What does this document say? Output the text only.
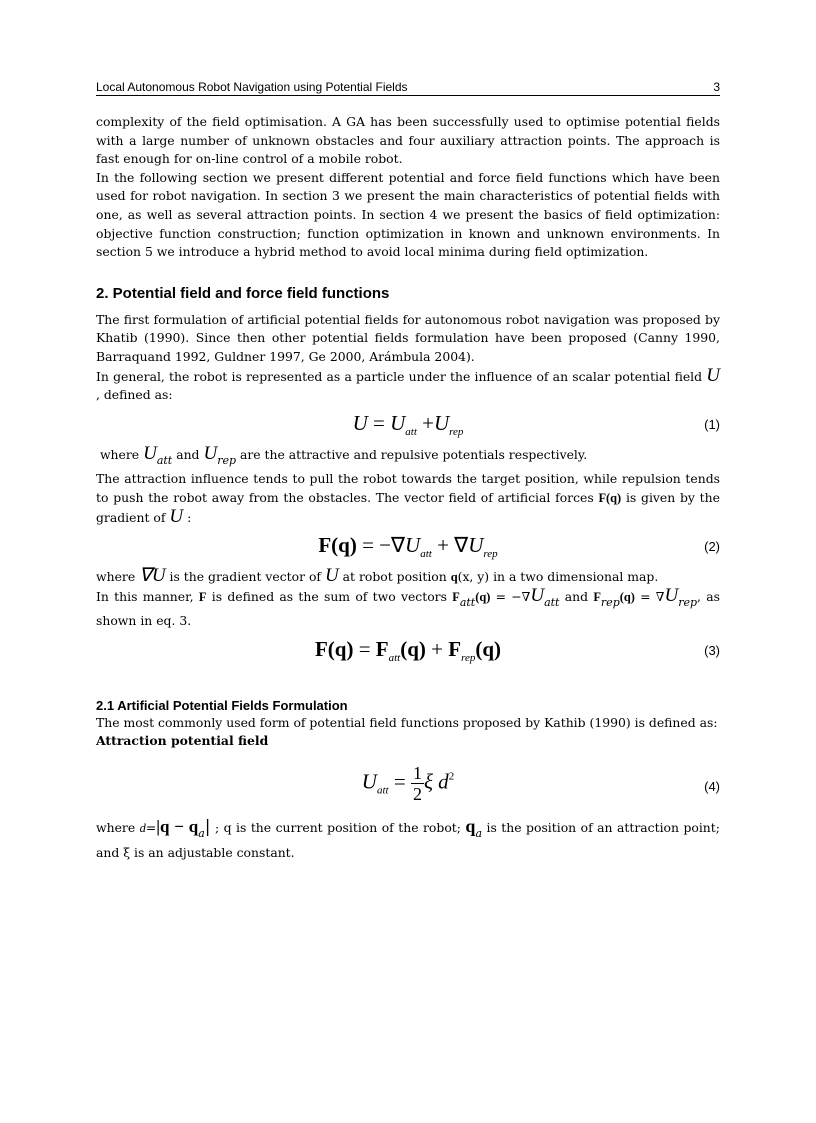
Local Autonomous Robot Navigation using Potential Fields	3

complexity of the field optimisation. A GA has been successfully used to optimise potential fields with a large number of unknown obstacles and four auxiliary attraction points. The approach is fast enough for on-line control of a mobile robot.

In the following section we present different potential and force field functions which have been used for robot navigation. In section 3 we present the main characteristics of potential fields with one, as well as several attraction points. In section 4 we present the basics of field optimization: objective function construction; function optimization in known and unknown environments. In section 5 we introduce a hybrid method to avoid local minima during field optimization.

2. Potential field and force field functions

The first formulation of artificial potential fields for autonomous robot navigation was proposed by Khatib (1990). Since then other potential fields formulation have been proposed (Canny 1990, Barraquand 1992, Guldner 1997, Ge 2000, Arámbula 2004).

In general, the robot is represented as a particle under the influence of an scalar potential field U , defined as:

$U = U_{att} +U_{rep}$	(1)

where Uatt and Urep are the attractive and repulsive potentials respectively.

The attraction influence tends to pull the robot towards the target position, while repulsion tends to push the robot away from the obstacles. The vector field of artificial forces F(q) is given by the gradient of U :

$F(q) = -\nabla U_{att} + \nabla U_{rep}$	(2)

where ∇U is the gradient vector of U at robot position q(x, y) in a two dimensional map.

In this manner, F is defined as the sum of two vectors Fatt(q) = −∇Uatt and Frep(q) = ∇Urep, as shown in eq. 3.

$F(q) = F_{att}(q) + F_{rep}(q)$	(3)
2.1 Artificial Potential Fields Formulation

The most commonly used form of potential field functions proposed by Kathib (1990) is defined as:

Attraction potential field
$U_{att} = \frac{1}{2}$ ξ $d^2$
(4)

where d=|q − qa| ; q is the current position of the robot; qa is the position of an attraction point; and ξ is an adjustable constant.
